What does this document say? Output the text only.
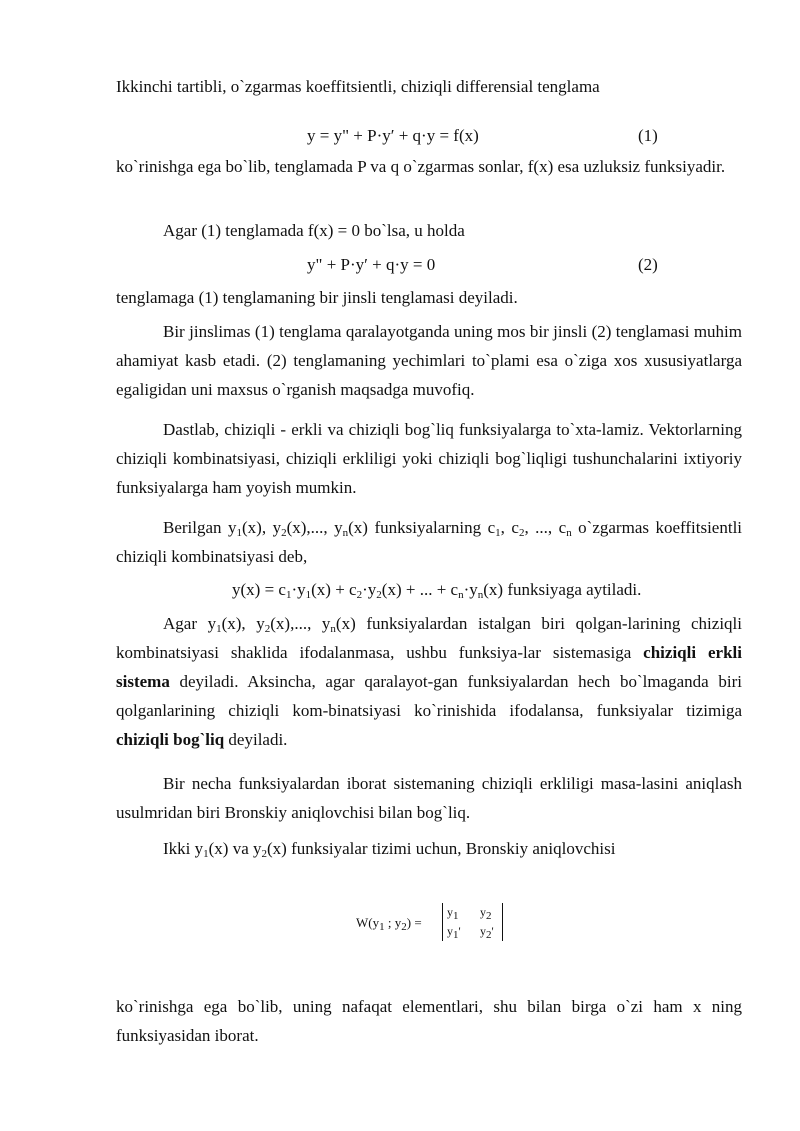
Ikkinchi tartibli, o`zgarmas koeffitsientli, chiziqli differensial tenglama

y = y" + P·y′ + q·y = f(x)	(1)

ko`rinishga ega bo`lib, tenglamada P va q o`zgarmas sonlar, f(x) esa uzluksiz funksiyadir.

Agar (1) tenglamada f(x) = 0 bo`lsa, u holda

y" + P·y′ + q·y = 0	(2)

tenglamaga (1) tenglamaning bir jinsli tenglamasi deyiladi.

Bir jinslimas (1) tenglama qaralayotganda uning mos bir jinsli (2) tenglamasi muhim ahamiyat kasb etadi. (2) tenglamaning yechimlari to`plami esa o`ziga xos xususiyatlarga egaligidan uni maxsus o`rganish maqsadga muvofiq.

Dastlab, chiziqli - erkli va chiziqli bog`liq funksiyalarga to`xta-lamiz. Vektorlarning chiziqli kombinatsiyasi, chiziqli erkliligi yoki chiziqli bog`liqligi tushunchalarini ixtiyoriy funksiyalarga ham yoyish mumkin.

Berilgan $y_1(x)$, $y_2(x)$,..., $y_n(x)$ funksiyalarning $c_1$, $c_2$, ..., $c_n$ o`zgarmas koeffitsientli chiziqli kombinatsiyasi deb,

$y(x) = c_1\cdot y_1(x) + c_2\cdot y_2(x)$ + ... + $c_n\cdot y_n(x)$ funksiyaga aytiladi.

Agar $y_1(x)$, $y_2(x)$,..., $y_n(x)$ funksiyalardan istalgan biri qolgan-larining chiziqli kombinatsiyasi shaklida ifodalanmasa, ushbu funksiya-lar sistemasiga chiziqli erkli sistema deyiladi. Aksincha, agar qaralayot-gan funksiyalardan hech bo`lmaganda biri qolganlarining chiziqli kom-binatsiyasi ko`rinishida ifodalansa, funksiyalar tizimiga chiziqli bog`liq deyiladi.

Bir necha funksiyalardan iborat sistemaning chiziqli erkliligi masa-lasini aniqlash usulmridan biri Bronskiy aniqlovchisi bilan bog`liq.

Ikki $y_1(x)$ va $y_2(x)$ funksiyalar tizimi uchun, Bronskiy aniqlovchisi

$W(y_1$ ; $y_2$) =
$y_1$ $y_2$
$y_1'$ $y_2'$

ko`rinishga ega bo`lib, uning nafaqat elementlari, shu bilan birga o`zi ham x ning funksiyasidan iborat.
